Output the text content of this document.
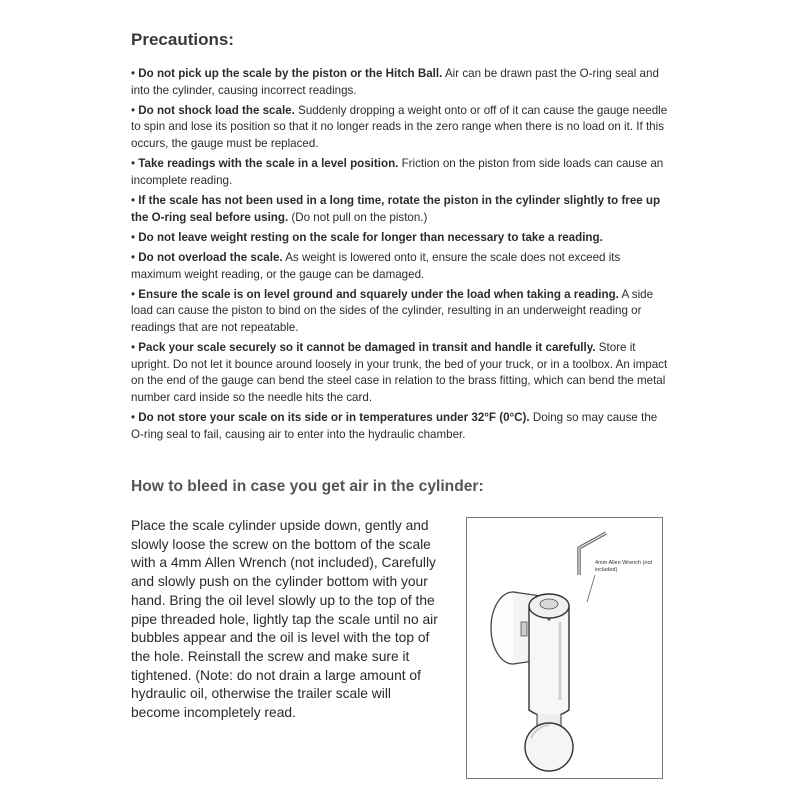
Precautions:

• Do not pick up the scale by the piston or the Hitch Ball. Air can be drawn past the O-ring seal and into the cylinder, causing incorrect readings.

• Do not shock load the scale. Suddenly dropping a weight onto or off of it can cause the gauge needle to spin and lose its position so that it no longer reads in the zero range when there is no load on it. If this occurs, the gauge must be replaced.

• Take readings with the scale in a level position. Friction on the piston from side loads can cause an incomplete reading.

• If the scale has not been used in a long time, rotate the piston in the cylinder slightly to free up the O-ring seal before using. (Do not pull on the piston.)

• Do not leave weight resting on the scale for longer than necessary to take a reading.

• Do not overload the scale. As weight is lowered onto it, ensure the scale does not exceed its maximum weight reading, or the gauge can be damaged.

• Ensure the scale is on level ground and squarely under the load when taking a reading. A side load can cause the piston to bind on the sides of the cylinder, resulting in an underweight reading or readings that are not repeatable.

• Pack your scale securely so it cannot be damaged in transit and handle it carefully. Store it upright. Do not let it bounce around loosely in your trunk, the bed of your truck, or in a toolbox. An impact on the end of the gauge can bend the steel case in relation to the brass fitting, which can bend the metal number card inside so the needle hits the card.

• Do not store your scale on its side or in temperatures under 32°F (0°C). Doing so may cause the O-ring seal to fail, causing air to enter into the hydraulic chamber.

How to bleed in case you get air in the cylinder:
Place the scale cylinder upside down, gently and slowly loose the screw on the bottom of the scale with a 4mm Allen Wrench (not included), Carefully and slowly push on the cylinder bottom with your hand. Bring the oil level slowly up to the top of the pipe threaded hole, lightly tap the scale until no air bubbles appear and the oil is level with the top of the hole. Reinstall the screw and make sure it tightened. (Note: do not drain a large amount of hydraulic oil, otherwise the trailer scale will become incompletely read.
4mm Allen Wrench (not included)
